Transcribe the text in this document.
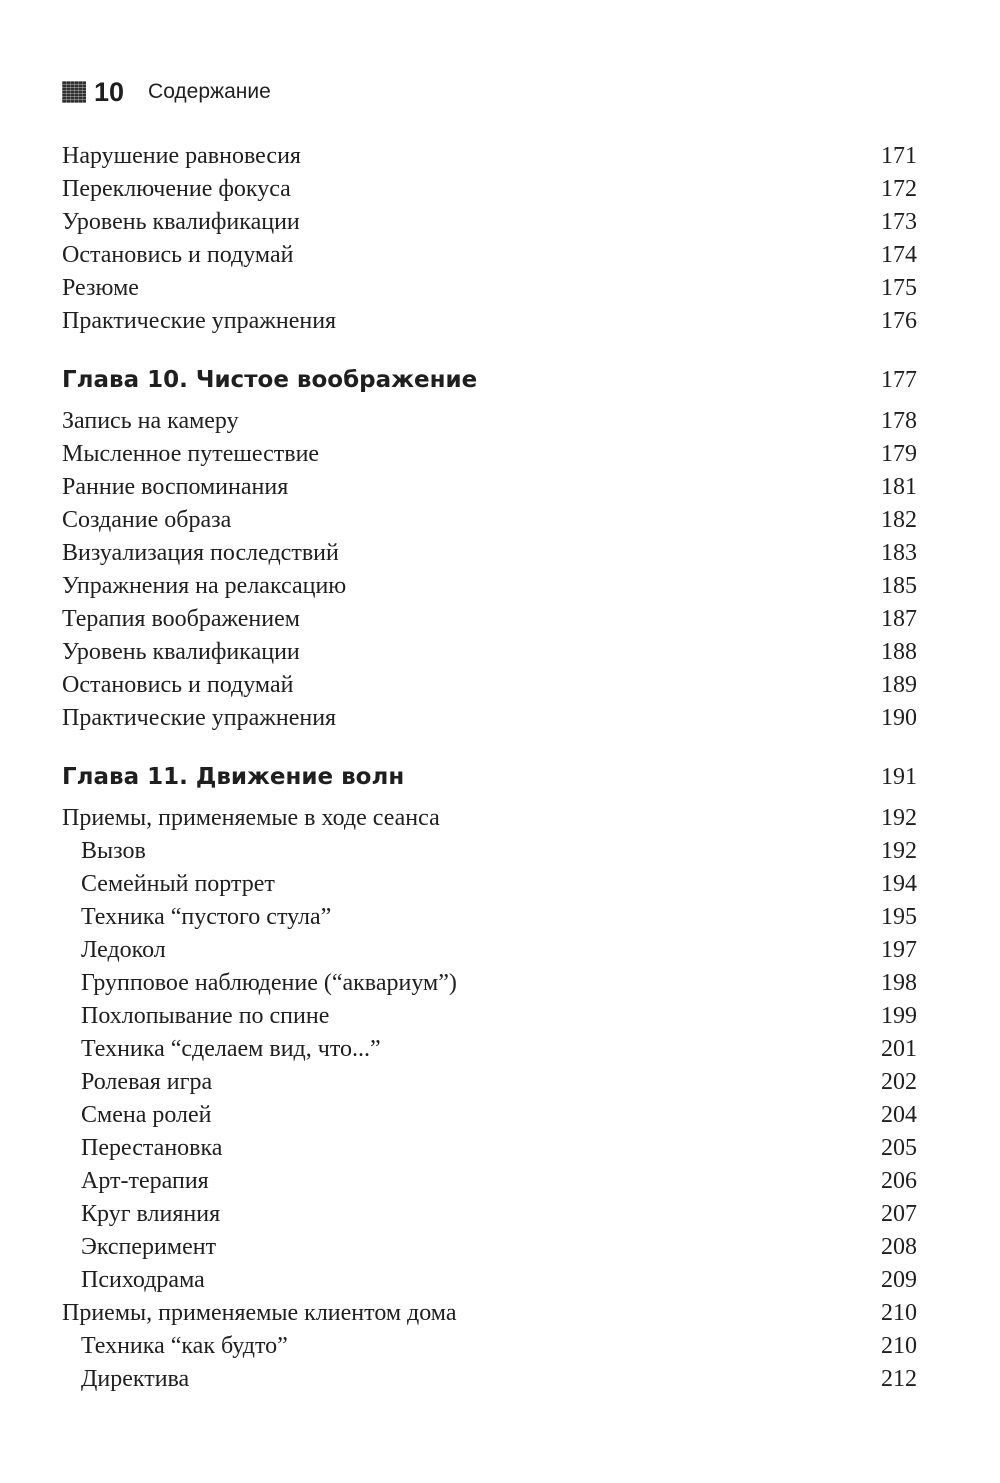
10 Содержание
Нарушение равновесия	171
Переключение фокуса	172
Уровень квалификации	173
Остановись и подумай	174
Резюме	175
Практические упражнения	176
Глава 10. Чистое воображение	177
Запись на камеру	178
Мысленное путешествие	179
Ранние воспоминания	181
Создание образа	182
Визуализация последствий	183
Упражнения на релаксацию	185
Терапия воображением	187
Уровень квалификации	188
Остановись и подумай	189
Практические упражнения	190
Глава 11. Движение волн	191
Приемы, применяемые в ходе сеанса	192
Вызов	192
Семейный портрет	194
Техника “пустого стула”	195
Ледокол	197
Групповое наблюдение (“аквариум”)	198
Похлопывание по спине	199
Техника “сделаем вид, что...”	201
Ролевая игра	202
Смена ролей	204
Перестановка	205
Арт-терапия	206
Круг влияния	207
Эксперимент	208
Психодрама	209
Приемы, применяемые клиентом дома	210
Техника “как будто”	210
Директива	212
